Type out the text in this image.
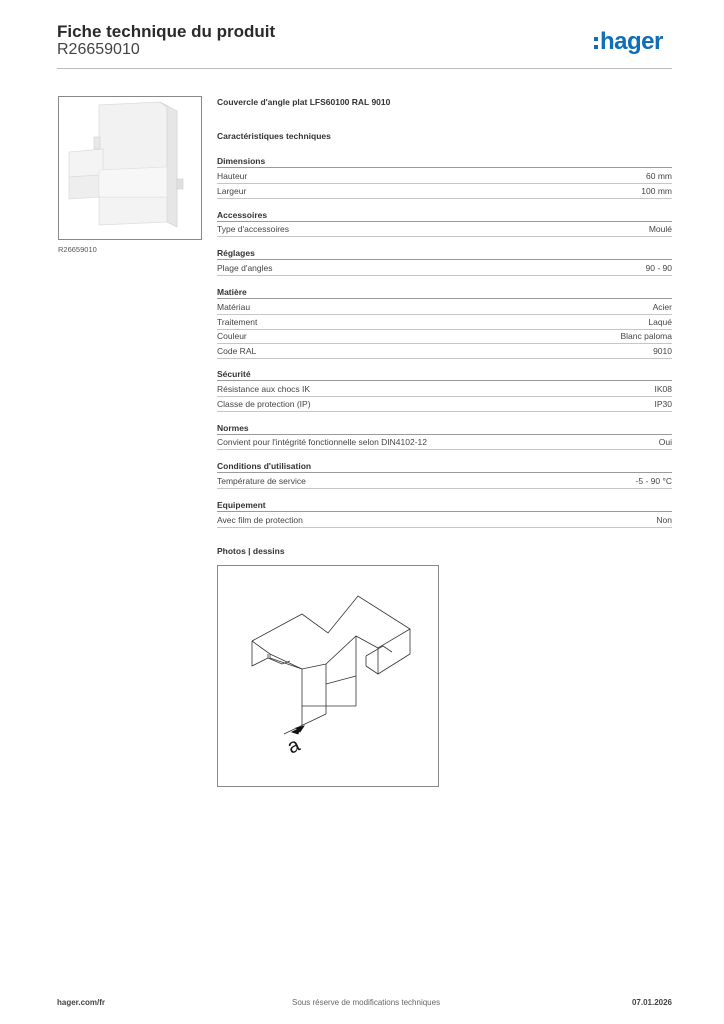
Fiche technique du produit
R26659010	hager
R26659010
Couvercle d'angle plat LFS60100 RAL 9010
Caractéristiques techniques
Dimensions
Hauteur	60 mm
Largeur	100 mm
Accessoires
Type d'accessoires	Moulé
Réglages
Plage d'angles	90 - 90
Matière
Matériau	Acier
Traitement	Laqué
Couleur	Blanc paloma
Code RAL	9010
Sécurité
Résistance aux chocs IK	IK08
Classe de protection (IP)	IP30
Normes
Convient pour l'intégrité fonctionnelle selon DIN4102-12	Oui
Conditions d'utilisation
Température de service	-5 - 90 °C
Equipement
Avec film de protection	Non
Photos | dessins
a
hager.com/fr	Sous réserve de modifications techniques	07.01.2026
